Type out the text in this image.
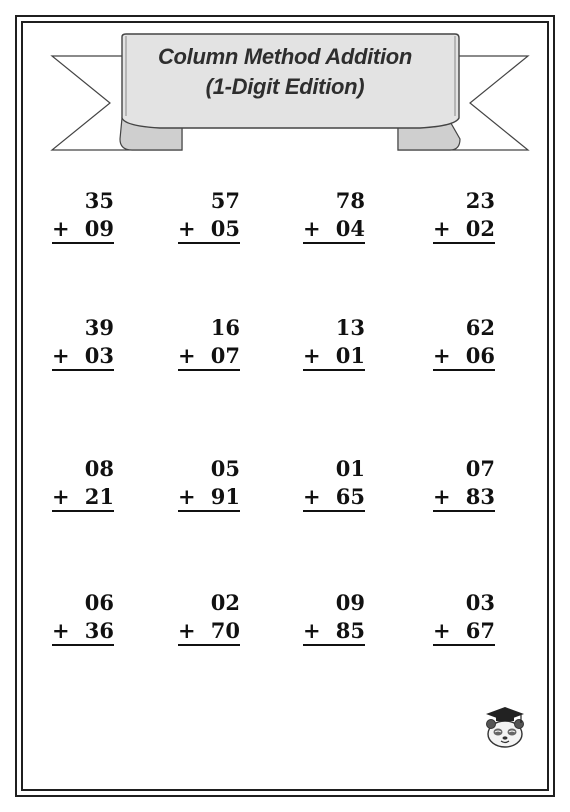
Column Method Addition
(1-Digit Edition)
35
+ 09
57
+ 05
78
+ 04
23
+ 02
39
+ 03
16
+ 07
13
+ 01
62
+ 06
08
+ 21
05
+ 91
01
+ 65
07
+ 83
06
+ 36
02
+ 70
09
+ 85
03
+ 67
